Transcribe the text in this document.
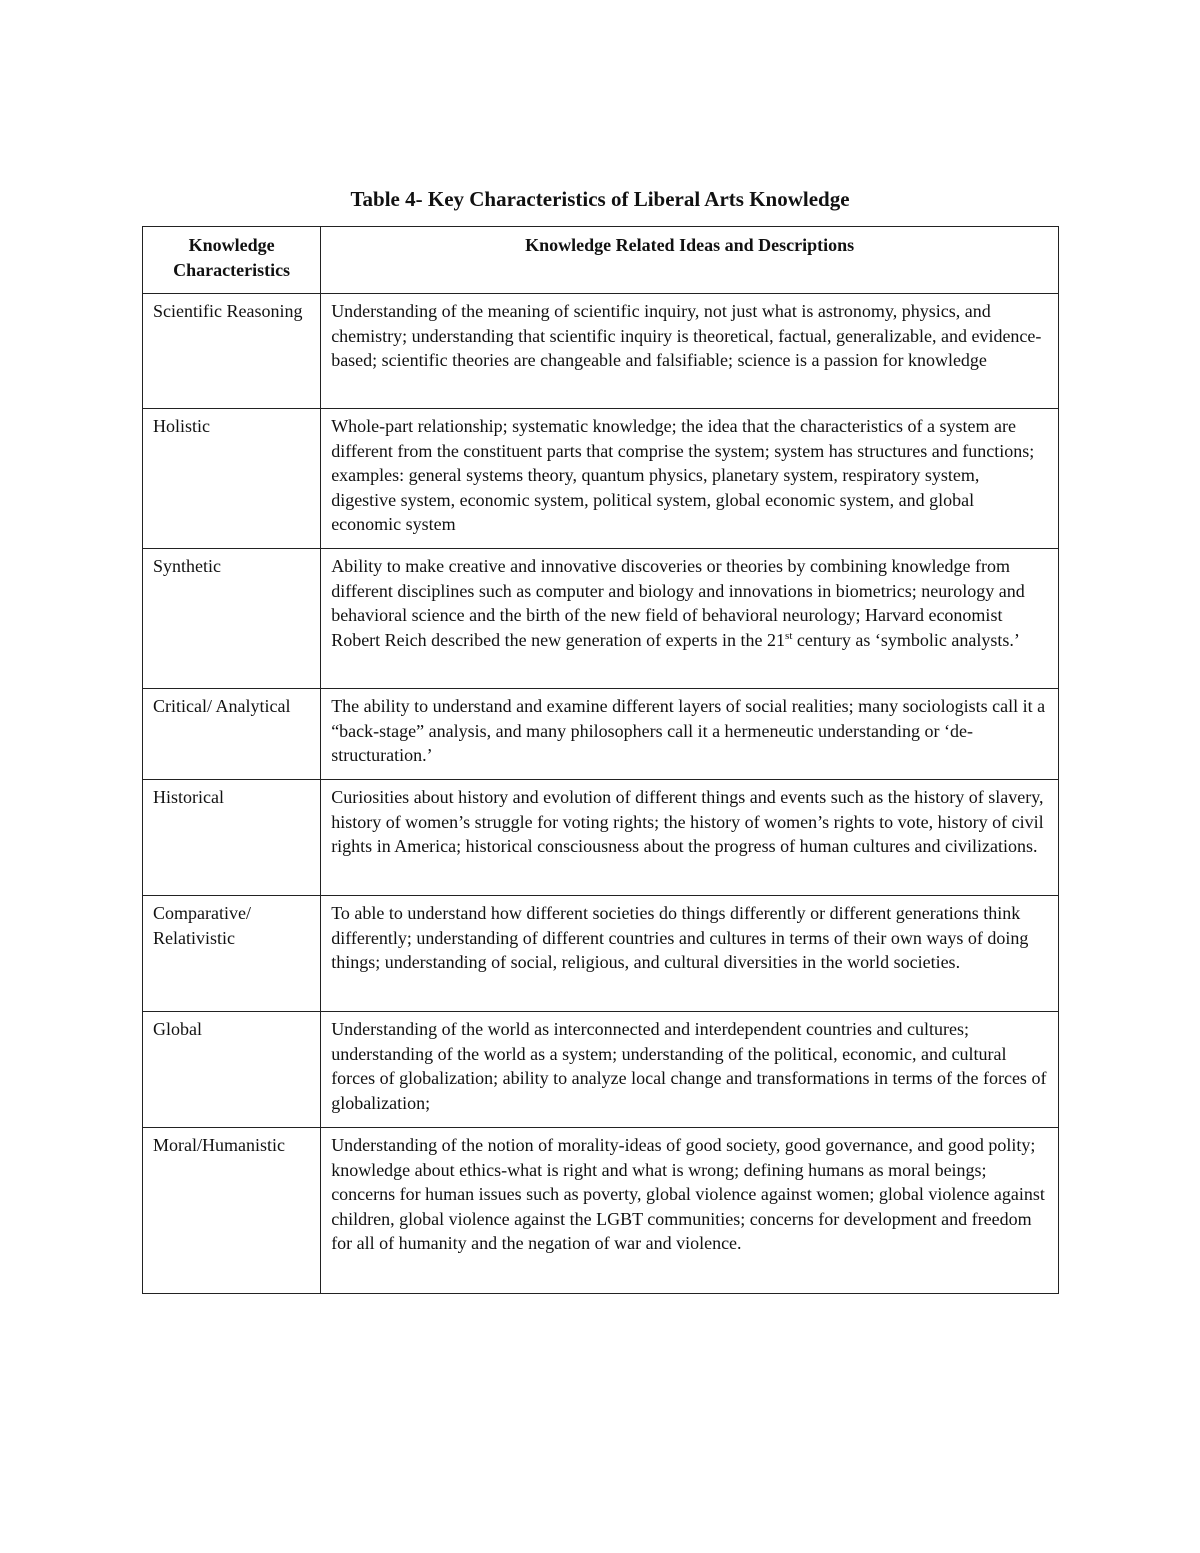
Table 4- Key Characteristics of Liberal Arts Knowledge
Knowledge Characteristics	Knowledge Related Ideas and Descriptions
Scientific Reasoning	Understanding of the meaning of scientific inquiry, not just what is astronomy, physics, and chemistry; understanding that scientific inquiry is theoretical, factual, generalizable, and evidence-based; scientific theories are changeable and falsifiable; science is a passion for knowledge
Holistic	Whole-part relationship; systematic knowledge; the idea that the characteristics of a system are different from the constituent parts that comprise the system; system has structures and functions; examples: general systems theory, quantum physics, planetary system, respiratory system, digestive system, economic system, political system, global economic system, and global economic system
Synthetic	Ability to make creative and innovative discoveries or theories by combining knowledge from different disciplines such as computer and biology and innovations in biometrics; neurology and behavioral science and the birth of the new field of behavioral neurology; Harvard economist Robert Reich described the new generation of experts in the 21st century as ‘symbolic analysts.’
Critical/ Analytical	The ability to understand and examine different layers of social realities; many sociologists call it a “back-stage” analysis, and many philosophers call it a hermeneutic understanding or ‘de-structuration.’
Historical	Curiosities about history and evolution of different things and events such as the history of slavery, history of women’s struggle for voting rights; the history of women’s rights to vote, history of civil rights in America; historical consciousness about the progress of human cultures and civilizations.
Comparative/ Relativistic	To able to understand how different societies do things differently or different generations think differently; understanding of different countries and cultures in terms of their own ways of doing things; understanding of social, religious, and cultural diversities in the world societies.
Global	Understanding of the world as interconnected and interdependent countries and cultures; understanding of the world as a system; understanding of the political, economic, and cultural forces of globalization; ability to analyze local change and transformations in terms of the forces of globalization;
Moral/Humanistic	Understanding of the notion of morality-ideas of good society, good governance, and good polity; knowledge about ethics-what is right and what is wrong; defining humans as moral beings; concerns for human issues such as poverty, global violence against women; global violence against children, global violence against the LGBT communities; concerns for development and freedom for all of humanity and the negation of war and violence.
